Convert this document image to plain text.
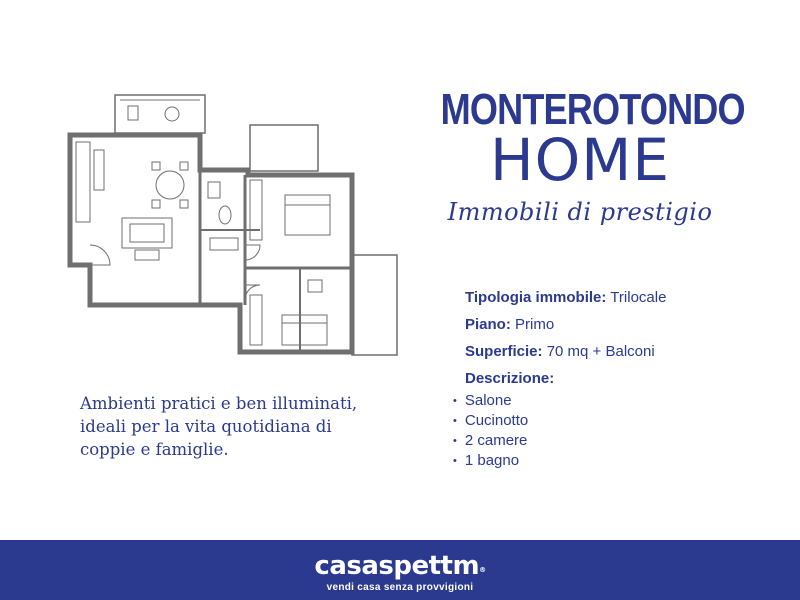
MONTEROTONDO
HOME
Immobili di prestigio
Tipologia immobile: Trilocale
Piano: Primo
Superficie: 70 mq + Balconi
Descrizione:
• Salone
• Cucinotto
• 2 camere
• 1 bagno
Ambienti pratici e ben illuminati, ideali per la vita quotidiana di coppie e famiglie.
casaspettm®
vendi casa senza provvigioni
